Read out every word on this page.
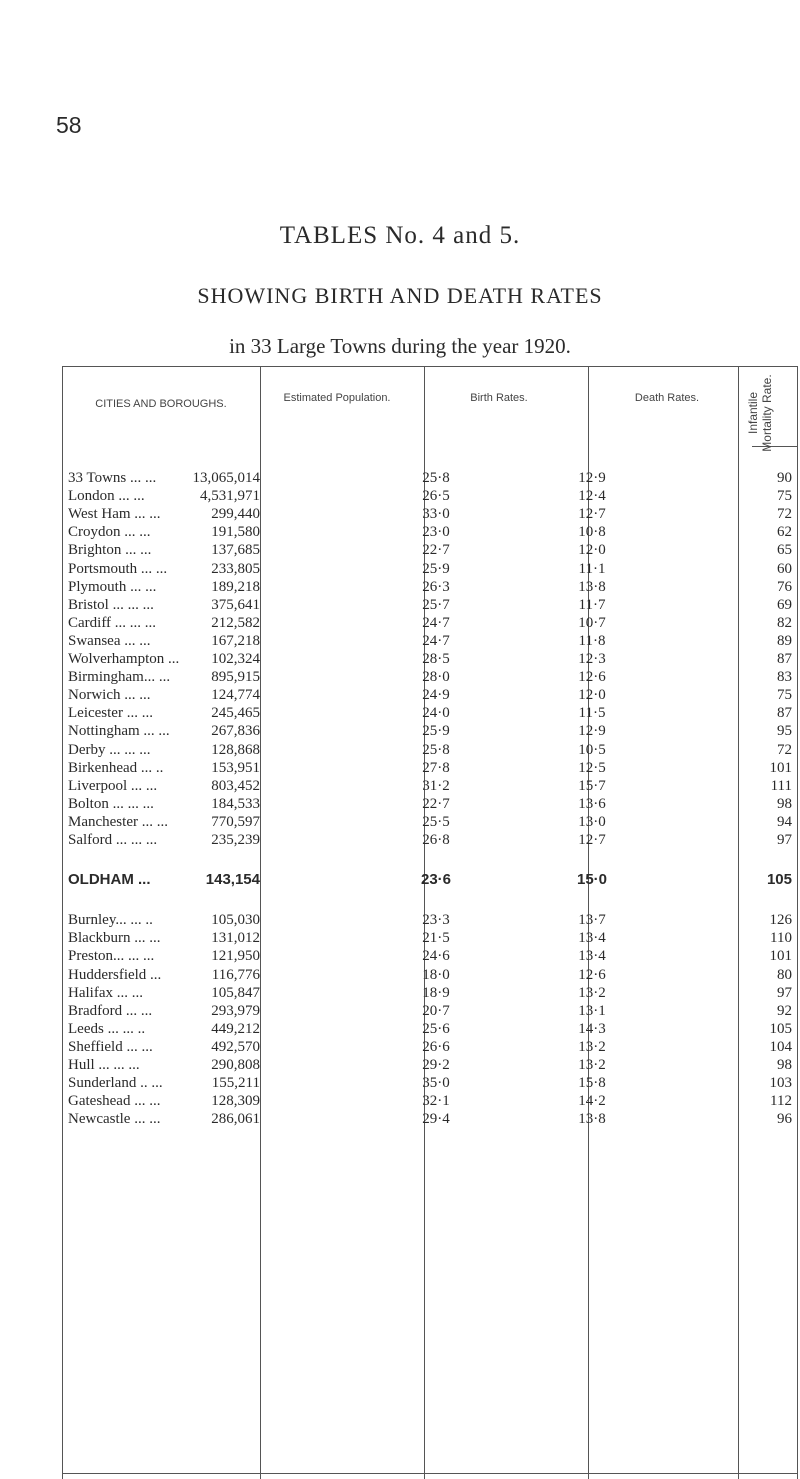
58
TABLES No. 4 and 5.
SHOWING BIRTH AND DEATH RATES
in 33 Large Towns during the year 1920.
CITIES AND BOROUGHS.	Estimated Population.	Birth Rates.	Death Rates.	Infantile Mortality Rate.
33 Towns ... ...	13,065,014	25·8	12·9	90
London ... ...	4,531,971	26·5	12·4	75
West Ham ... ...	299,440	33·0	12·7	72
Croydon ... ...	191,580	23·0	10·8	62
Brighton ... ...	137,685	22·7	12·0	65
Portsmouth ... ...	233,805	25·9	11·1	60
Plymouth ... ...	189,218	26·3	13·8	76
Bristol ... ... ...	375,641	25·7	11·7	69
Cardiff ... ... ...	212,582	24·7	10·7	82
Swansea ... ...	167,218	24·7	11·8	89
Wolverhampton ...	102,324	28·5	12·3	87
Birmingham... ...	895,915	28·0	12·6	83
Norwich ... ...	124,774	24·9	12·0	75
Leicester ... ...	245,465	24·0	11·5	87
Nottingham ... ...	267,836	25·9	12·9	95
Derby ... ... ...	128,868	25·8	10·5	72
Birkenhead ... ..	153,951	27·8	12·5	101
Liverpool ... ...	803,452	31·2	15·7	111
Bolton ... ... ...	184,533	22·7	13·6	98
Manchester ... ...	770,597	25·5	13·0	94
Salford ... ... ...	235,239	26·8	12·7	97
OLDHAM ...	143,154	23·6	15·0	105
Burnley... ... ..	105,030	23·3	13·7	126
Blackburn ... ...	131,012	21·5	13·4	110
Preston... ... ...	121,950	24·6	13·4	101
Huddersfield ...	116,776	18·0	12·6	80
Halifax ... ...	105,847	18·9	13·2	97
Bradford ... ...	293,979	20·7	13·1	92
Leeds ... ... ..	449,212	25·6	14·3	105
Sheffield ... ...	492,570	26·6	13·2	104
Hull ... ... ...	290,808	29·2	13·2	98
Sunderland .. ...	155,211	35·0	15·8	103
Gateshead ... ...	128,309	32·1	14·2	112
Newcastle ... ...	286,061	29·4	13·8	96
